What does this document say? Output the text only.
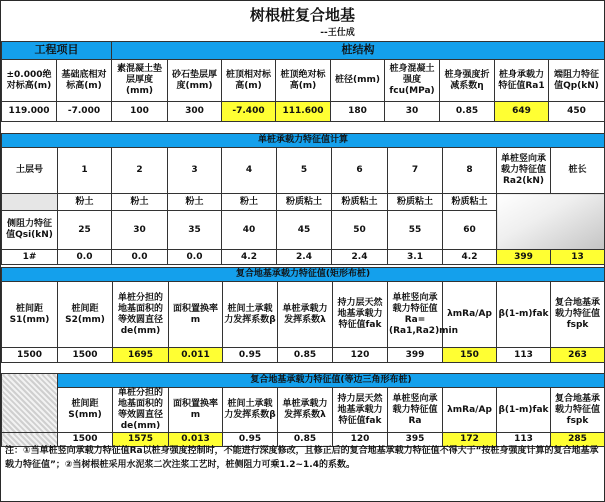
树根桩复合地基
--王仕成
工程项目		桩结构								
±0.000绝对标高(m)	基础底相对标高(m)	素混凝土垫层厚度(mm)	砂石垫层厚度(mm)	桩顶相对标高(m)	桩顶绝对标高(m)	桩径(mm)	桩身混凝土强度fcu(MPa)	桩身强度折减系数η	桩身承载力特征值Ra1	端阻力特征值Qp(kN)
119.000	-7.000	100	300	-7.400	111.600	180	30	0.85	649	450
单桩承载力特征值计算										
土层号	1	2	3	4	5	6	7	8	单桩竖向承载力特征值Ra2(kN)	桩长
	粉土	粉土	粉土	粉土	粉质粘土	粉质粘土	粉质粘土	粉质粘土		
侧阻力特征值Qsi(kN)	25	30	35	40	45	50	55	60		
1#	0.0	0.0	0.0	4.2	2.4	2.4	3.1	4.2	399	13
复合地基承载力特征值(矩形布桩)										
桩间距S1(mm)	桩间距S2(mm)	单桩分担的地基面积的等效圆直径de(mm)	面积置换率m	桩间土承载力发挥系数β	单桩承载力发挥系数λ	持力层天然地基承载力特征值fak	单桩竖向承载力特征值Ra=(Ra1,Ra2)min	λmRa/Ap	β(1-m)fak	复合地基承载力特征值fspk
1500	1500	1695	0.011	0.95	0.85	120	399	150	113	263
	复合地基承载力特征值(等边三角形布桩)									
	桩间距S(mm)	单桩分担的地基面积的等效圆直径de(mm)	面积置换率m	桩间土承载力发挥系数β	单桩承载力发挥系数λ	持力层天然地基承载力特征值fak	单桩竖向承载力特征值Ra	λmRa/Ap	β(1-m)fak	复合地基承载力特征值fspk
	1500	1575	0.013	0.95	0.85	120	395	172	113	285
注：①当单桩竖向承载力特征值Ra以桩身强度控制时，不能进行深度修改，且修正后的复合地基承载力特征值不得大于“按桩身强度计算的复合地基承载力特征值”；②当树根桩采用水泥浆二次注浆工艺时，桩侧阻力可乘1.2~1.4的系数。
